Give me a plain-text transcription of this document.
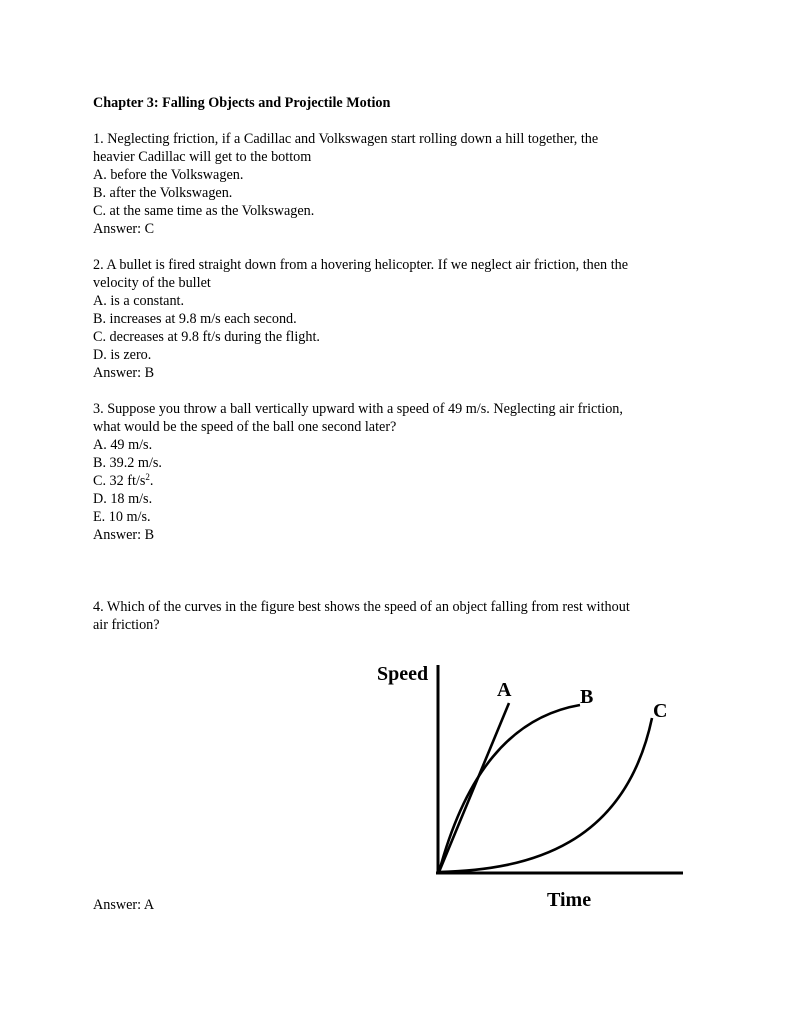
Chapter 3: Falling Objects and Projectile Motion

1. Neglecting friction, if a Cadillac and Volkswagen start rolling down a hill together, the
heavier Cadillac will get to the bottom
A. before the Volkswagen.
B. after the Volkswagen.
C. at the same time as the Volkswagen.
Answer: C
2. A bullet is fired straight down from a hovering helicopter. If we neglect air friction, then the
velocity of the bullet
A. is a constant.
B. increases at 9.8 m/s each second.
C. decreases at 9.8 ft/s during the flight.
D. is zero.
Answer: B
3. Suppose you throw a ball vertically upward with a speed of 49 m/s. Neglecting air friction,
what would be the speed of the ball one second later?
A. 49 m/s.
B. 39.2 m/s.
C. 32 $ft/s^2$.
D. 18 m/s.
E. 10 m/s.
Answer: B
4. Which of the curves in the figure best shows the speed of an object falling from rest without
air friction?
Answer: A
Speed
A	B
C
Time
